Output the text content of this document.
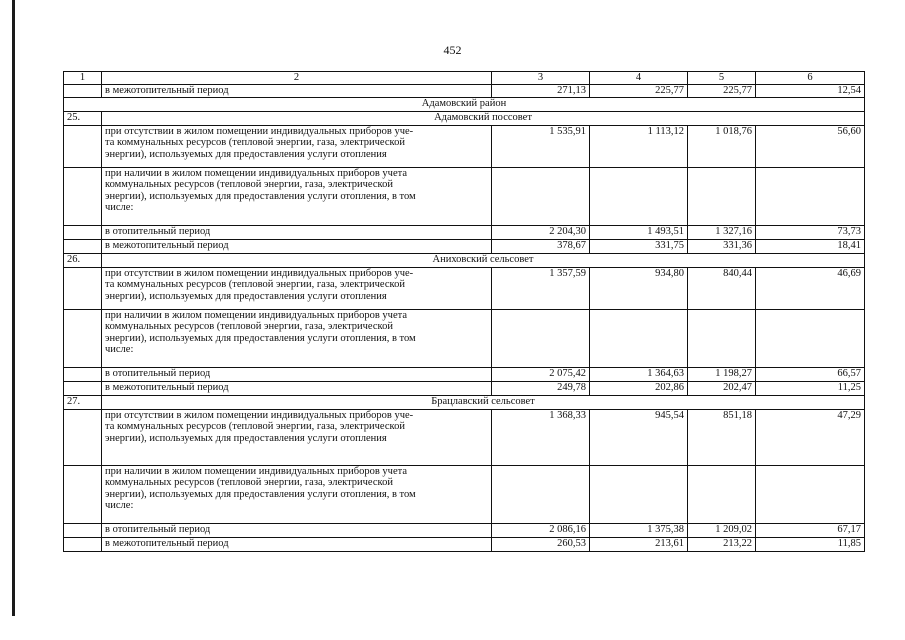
452
1	2	3	4	5	6

	в межотопительный период	271,13	225,77	225,77	12,54
Адамовский район					
25.	Адамовский поссовет				

	при отсутствии в жилом помещении индивидуальных приборов уче-
та коммунальных ресурсов (тепловой энергии, газа, электрической
энергии), используемых для предоставления услуги отопления	1 535,91	1 113,12	1 018,76	56,60

	при наличии в жилом помещении индивидуальных приборов учета
коммунальных ресурсов (тепловой энергии, газа, электрической
энергии), используемых для предоставления услуги отопления, в том
числе:				

	в отопительный период	2 204,30	1 493,51	1 327,16	73,73

	в межотопительный период	378,67	331,75	331,36	18,41
26.	Аниховский сельсовет				

	при отсутствии в жилом помещении индивидуальных приборов уче-
та коммунальных ресурсов (тепловой энергии, газа, электрической
энергии), используемых для предоставления услуги отопления	1 357,59	934,80	840,44	46,69

	при наличии в жилом помещении индивидуальных приборов учета
коммунальных ресурсов (тепловой энергии, газа, электрической
энергии), используемых для предоставления услуги отопления, в том
числе:				

	в отопительный период	2 075,42	1 364,63	1 198,27	66,57

	в межотопительный период	249,78	202,86	202,47	11,25
27.	Брацлавский сельсовет				

	при отсутствии в жилом помещении индивидуальных приборов уче-
та коммунальных ресурсов (тепловой энергии, газа, электрической
энергии), используемых для предоставления услуги отопления	1 368,33	945,54	851,18	47,29

	при наличии в жилом помещении индивидуальных приборов учета
коммунальных ресурсов (тепловой энергии, газа, электрической
энергии), используемых для предоставления услуги отопления, в том
числе:				

	в отопительный период	2 086,16	1 375,38	1 209,02	67,17

	в межотопительный период	260,53	213,61	213,22	11,85
